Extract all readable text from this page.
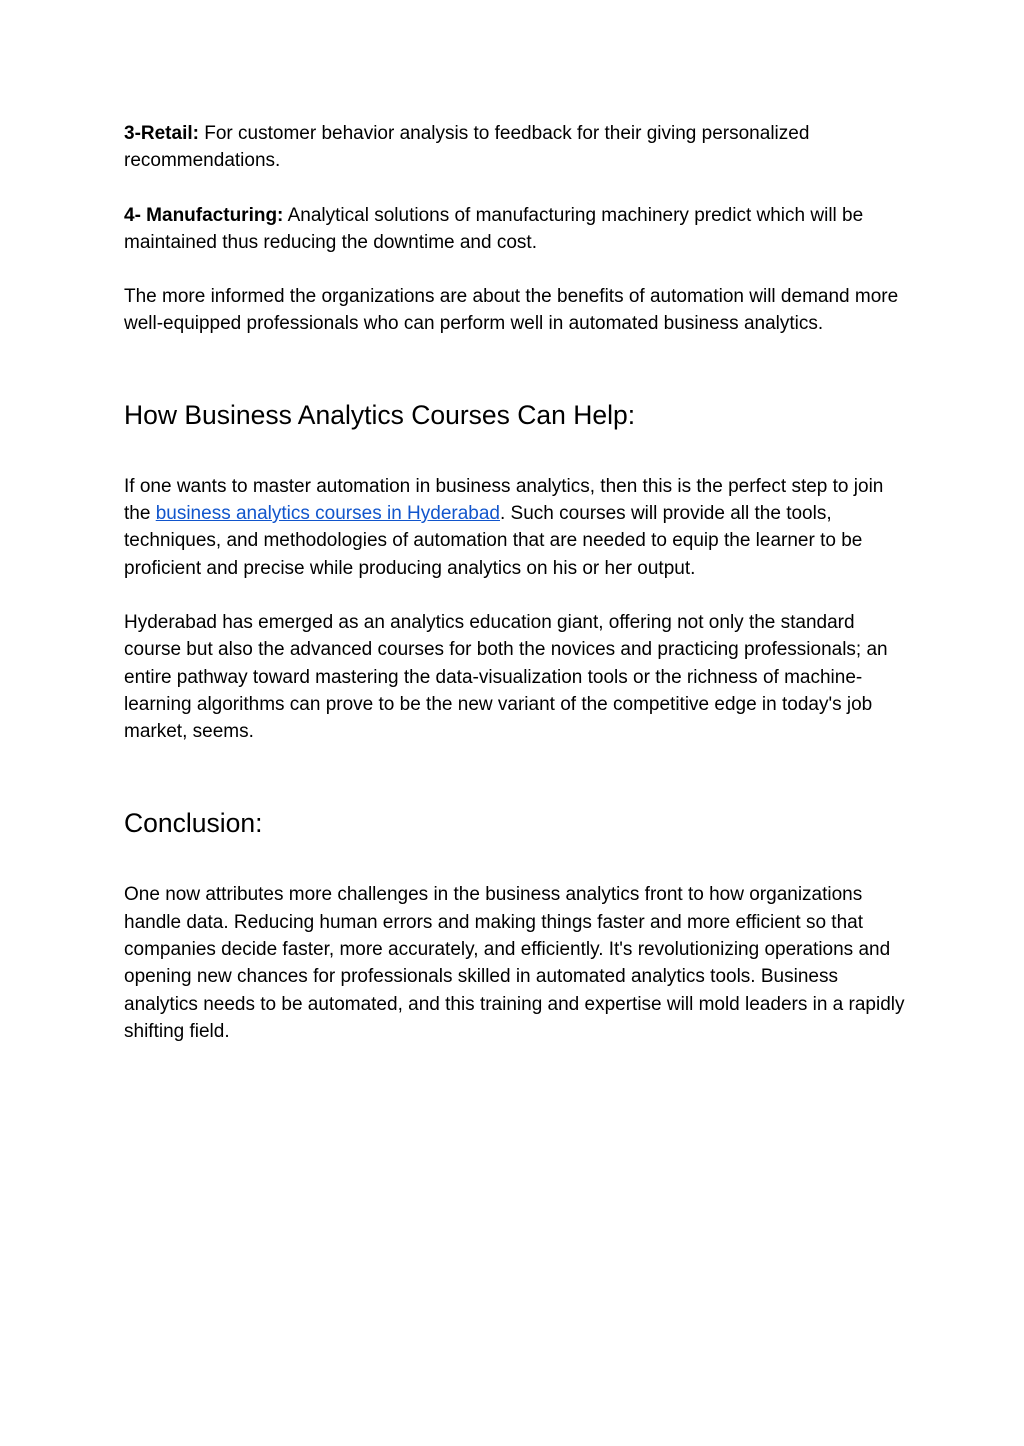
3-Retail: For customer behavior analysis to feedback for their giving personalized recommendations.

4- Manufacturing: Analytical solutions of manufacturing machinery predict which will be maintained thus reducing the downtime and cost.

The more informed the organizations are about the benefits of automation will demand more well-equipped professionals who can perform well in automated business analytics.

How Business Analytics Courses Can Help:

If one wants to master automation in business analytics, then this is the perfect step to join the business analytics courses in Hyderabad. Such courses will provide all the tools, techniques, and methodologies of automation that are needed to equip the learner to be proficient and precise while producing analytics on his or her output.

Hyderabad has emerged as an analytics education giant, offering not only the standard course but also the advanced courses for both the novices and practicing professionals; an entire pathway toward mastering the data-visualization tools or the richness of machine-learning algorithms can prove to be the new variant of the competitive edge in today's job market, seems.

Conclusion:

One now attributes more challenges in the business analytics front to how organizations handle data. Reducing human errors and making things faster and more efficient so that companies decide faster, more accurately, and efficiently. It's revolutionizing operations and opening new chances for professionals skilled in automated analytics tools. Business analytics needs to be automated, and this training and expertise will mold leaders in a rapidly shifting field.
